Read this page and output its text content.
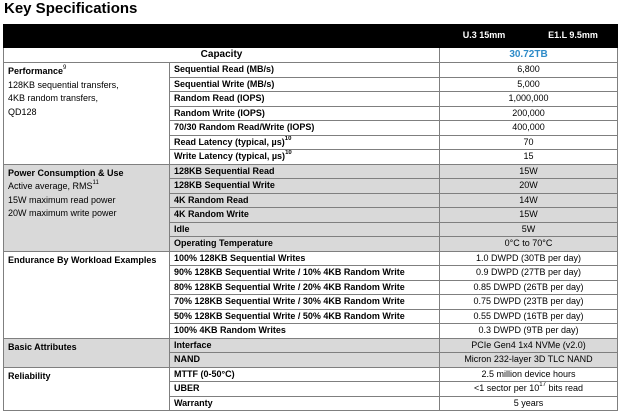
Key Specifications
		U.3 15mm	E1.L 9.5mm
Capacity		30.72TB	
Performance$^9$
128KB sequential transfers,
4KB random transfers,
QD128	Sequential Read (MB/s)	6,800	
	Sequential Write (MB/s)	5,000	
	Random Read (IOPS)	1,000,000	
	Random Write (IOPS)	200,000	
	70/30 Random Read/Write (IOPS)	400,000	
	Read Latency (typical, µs)$^{10}$	70	
	Write Latency (typical, µs)$^{10}$	15	
Power Consumption & Use
Active average, RMS$^{11}$
15W maximum read power
20W maximum write power	128KB Sequential Read	15W	
	128KB Sequential Write	20W	
	4K Random Read	14W	
	4K Random Write	15W	
	Idle	5W	
	Operating Temperature	0°C to 70°C	
Endurance By Workload Examples	100% 128KB Sequential Writes	1.0 DWPD (30TB per day)	
	90% 128KB Sequential Write / 10% 4KB Random Write	0.9 DWPD (27TB per day)	
	80% 128KB Sequential Write / 20% 4KB Random Write	0.85 DWPD (26TB per day)	
	70% 128KB Sequential Write / 30% 4KB Random Write	0.75 DWPD (23TB per day)	
	50% 128KB Sequential Write / 50% 4KB Random Write	0.55 DWPD (16TB per day)	
	100% 4KB Random Writes	0.3 DWPD (9TB per day)	
Basic Attributes	Interface	PCIe Gen4 1x4 NVMe (v2.0)	
	NAND	Micron 232-layer 3D TLC NAND	
Reliability	MTTF (0-50°C)	2.5 million device hours	
	UBER	<1 sector per $10^{17}$ bits read	
	Warranty	5 years	
